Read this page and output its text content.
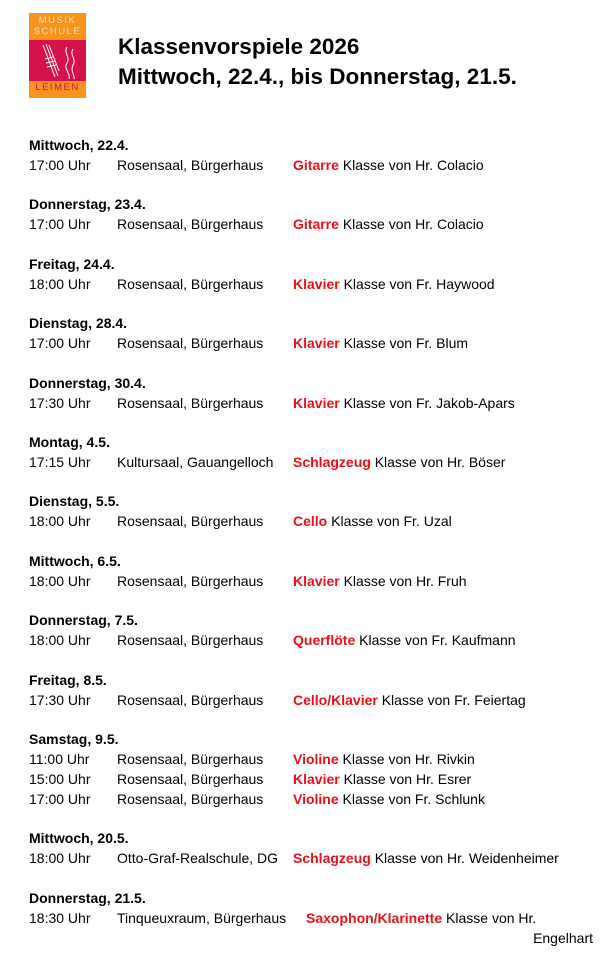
MUSIK
SCHULE
LEIMEN
Klassenvorspiele 2026
Mittwoch, 22.4., bis Donnerstag, 21.5.
Mittwoch, 22.4.
17:00 Uhr Rosensaal, Bürgerhaus Gitarre Klasse von Hr. Colacio
Donnerstag, 23.4.
17:00 Uhr Rosensaal, Bürgerhaus Gitarre Klasse von Hr. Colacio
Freitag, 24.4.
18:00 Uhr Rosensaal, Bürgerhaus Klavier Klasse von Fr. Haywood
Dienstag, 28.4.
17:00 Uhr Rosensaal, Bürgerhaus Klavier Klasse von Fr. Blum
Donnerstag, 30.4.
17:30 Uhr Rosensaal, Bürgerhaus Klavier Klasse von Fr. Jakob-Apars
Montag, 4.5.
17:15 Uhr Kultursaal, Gauangelloch Schlagzeug Klasse von Hr. Böser
Dienstag, 5.5.
18:00 Uhr Rosensaal, Bürgerhaus Cello Klasse von Fr. Uzal
Mittwoch, 6.5.
18:00 Uhr Rosensaal, Bürgerhaus Klavier Klasse von Hr. Fruh
Donnerstag, 7.5.
18:00 Uhr Rosensaal, Bürgerhaus Querflöte Klasse von Fr. Kaufmann
Freitag, 8.5.
17:30 Uhr Rosensaal, Bürgerhaus Cello/Klavier Klasse von Fr. Feiertag
Samstag, 9.5.
11:00 Uhr Rosensaal, Bürgerhaus Violine Klasse von Hr. Rivkin
15:00 Uhr Rosensaal, Bürgerhaus Klavier Klasse von Hr. Esrer
17:00 Uhr Rosensaal, Bürgerhaus Violine Klasse von Fr. Schlunk
Mittwoch, 20.5.
18:00 Uhr Otto-Graf-Realschule, DG Schlagzeug Klasse von Hr. Weidenheimer
Donnerstag, 21.5.
18:30 Uhr Tinqueuxraum, Bürgerhaus Saxophon/Klarinette Klasse von Hr.
Engelhart
